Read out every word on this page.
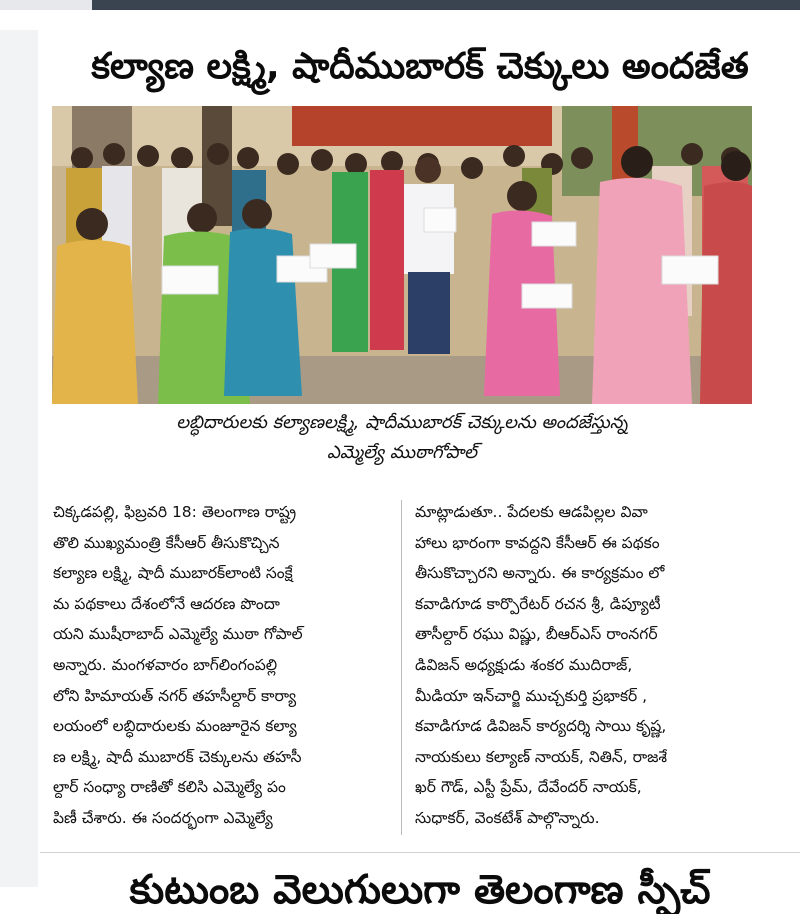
కల్యాణ లక్ష్మి, షాదీముబారక్ చెక్కులు అందజేత
లబ్ధిదారులకు కల్యాణలక్ష్మి, షాదీముబారక్ చెక్కులను అందజేస్తున్న
ఎమ్మెల్యే ముఠాగోపాల్
చిక్కడపల్లి, ఫిబ్రవరి 18: తెలంగాణ రాష్ట్ర
తొలి ముఖ్యమంత్రి కేసీఆర్ తీసుకొచ్చిన
కల్యాణ లక్ష్మి, షాదీ ముబారక్‌లాంటి సంక్షే
మ పథకాలు దేశంలోనే ఆదరణ పొందా
యని ముషీరాబాద్ ఎమ్మెల్యే ముఠా గోపాల్
అన్నారు. మంగళవారం బాగ్‌లింగంపల్లి
లోని హిమాయత్ నగర్ తహసీల్దార్ కార్యా
లయంలో లబ్ధిదారులకు మంజూరైన కల్యా
ణ లక్ష్మి, షాదీ ముబారక్ చెక్కులను తహసీ
ల్దార్ సంధ్యా రాణితో కలిసి ఎమ్మెల్యే పం
పిణీ చేశారు. ఈ సందర్భంగా ఎమ్మెల్యే
మాట్లాడుతూ.. పేదలకు ఆడపిల్లల వివా
హాలు భారంగా కావద్దని కేసీఆర్ ఈ పథకం
తీసుకొచ్చారని అన్నారు. ఈ కార్యక్రమం లో
కవాడిగూడ కార్పొరేటర్ రచన శ్రీ, డిప్యూటీ
తాసీల్దార్ రఘు విష్ణు, బీఆర్ఎస్ రాంనగర్
డివిజన్ అధ్యక్షుడు శంకర ముదిరాజ్,
మీడియా ఇన్‌చార్జి ముచ్చకుర్తి ప్రభాకర్ ,
కవాడిగూడ డివిజన్ కార్యదర్శి సాయి కృష్ణ,
నాయకులు కల్యాణ్ నాయక్, నితిన్, రాజశే
ఖర్ గౌడ్, ఎస్టీ ప్రేమ్, దేవేందర్ నాయక్,
సుధాకర్, వెంకటేశ్ పాల్గొన్నారు.
కుటుంబ వెలుగులుగా తెలంగాణ స్పీచ్
